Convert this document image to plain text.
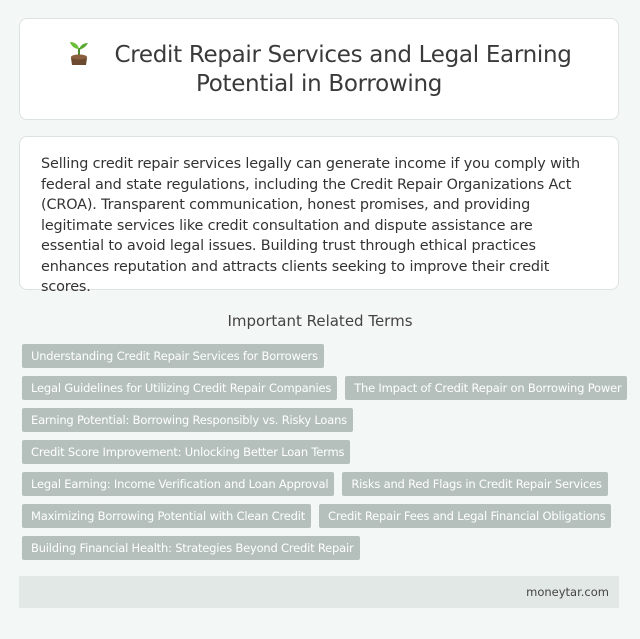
Credit Repair Services and Legal Earning
Potential in Borrowing
Selling credit repair services legally can generate income if you comply with federal and state regulations, including the Credit Repair Organizations Act (CROA). Transparent communication, honest promises, and providing legitimate services like credit consultation and dispute assistance are essential to avoid legal issues. Building trust through ethical practices enhances reputation and attracts clients seeking to improve their credit scores.
Important Related Terms
Understanding Credit Repair Services for Borrowers
Legal Guidelines for Utilizing Credit Repair Companies	The Impact of Credit Repair on Borrowing Power
Earning Potential: Borrowing Responsibly vs. Risky Loans
Credit Score Improvement: Unlocking Better Loan Terms
Legal Earning: Income Verification and Loan Approval	Risks and Red Flags in Credit Repair Services
Maximizing Borrowing Potential with Clean Credit	Credit Repair Fees and Legal Financial Obligations
Building Financial Health: Strategies Beyond Credit Repair
moneytar.com
